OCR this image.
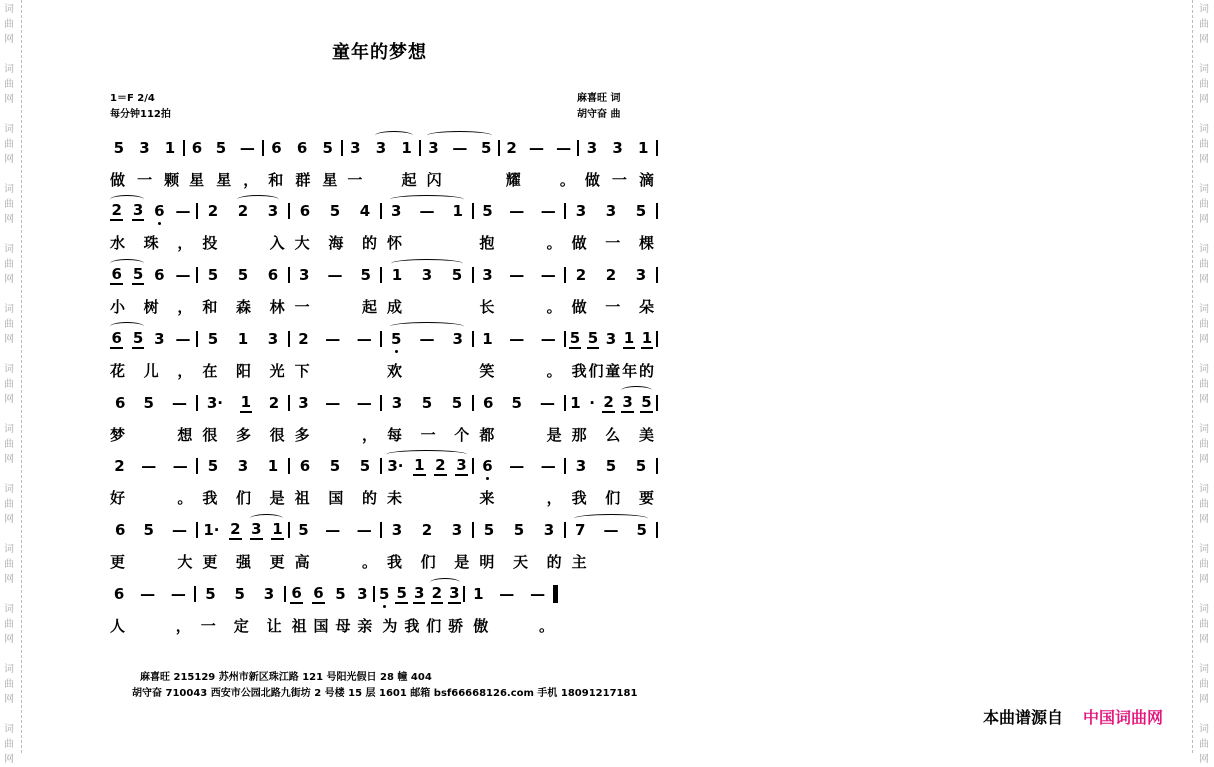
词
曲
网
词
曲
网
词
曲
网
词
曲
网
词
曲
网
词
曲
网
词
曲
网
词
曲
网
词
曲
网
词
曲
网
词
曲
网
词
曲
网
词
曲
网
词
曲
网
词
曲
网
词
曲
网
词
曲
网
词
曲
网
词
曲
网
词
曲
网
词
曲
网
词
曲
网
词
曲
网
词
曲
网
词
曲
网
词
曲
网
童年的梦想
1＝F 2/4
每分钟112拍
麻喜旺 词
胡守奋 曲
5 3 1 6 5 — 6 6 5 3 3 1 3 — 5 2 — — 3 3 1
做一颗 星星， 和群星 一起 闪	耀。 做一滴
2 3 6 — 2 2 3 6 5 4 3 — 1 5 — — 3 3 5
水珠， 投入 大海的 怀	抱。 做一棵
6 5 6 — 5 5 6 3 — 5 1 3 5 3 — — 2 2 3
小树， 和森林 一起 成	长。 做一朵
6 5 3 — 5 1 3 2 — — 5 — 3 1 — — 5 5 3 1 1
花儿， 在阳光 下	欢	笑。 我们童年的
6 5 — 3· 1 2 3 — — 3 5 5 6 5 — 1 · 2 3 5
梦想 很多很 多， 每一个 都是 那么美
2 — — 5 3 1 6 5 5 3· 1 2 3 6 — — 3 5 5
好。 我们是 祖国的 未	来， 我们要
6 5 — 1· 2 3 1 5 — — 3 2 3 5 5 3 7 — 5
更大 更强更 高。 我们是 明天的 主
6 — — 5 5 3 6 6 5 3 5 5 3 2 3 1 — —
人， 一定让 祖国母亲 为我们骄 傲。
麻喜旺 215129 苏州市新区珠江路 121 号阳光假日 28 幢 404
胡守奋 710043 西安市公园北路九街坊 2 号楼 15 层 1601 邮箱 bsf66668126.com 手机 18091217181
本曲谱源自 中国词曲网
